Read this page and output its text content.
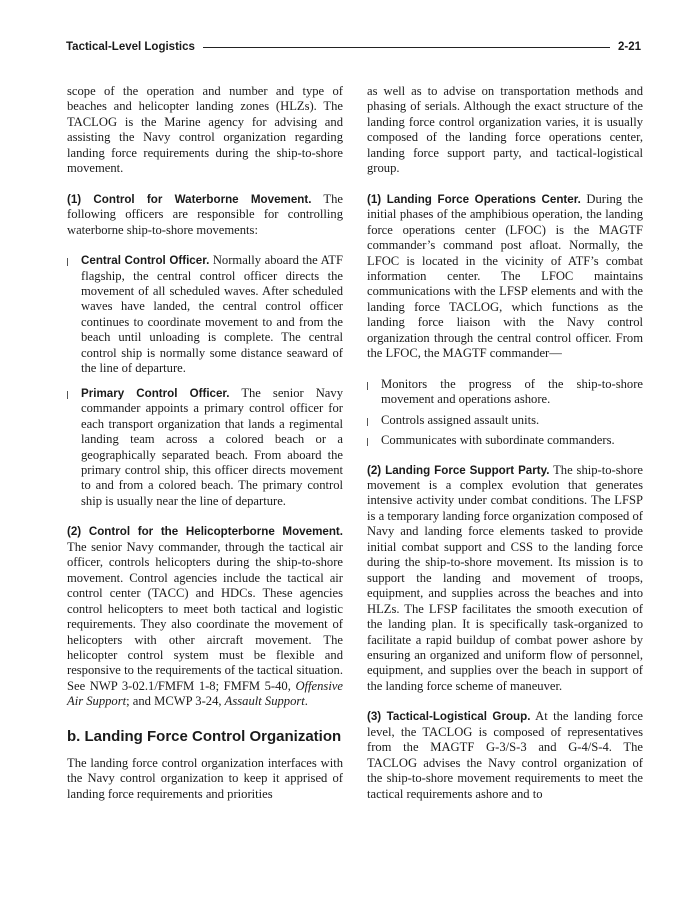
Tactical-Level Logistics	2-21

scope of the operation and number and type of beaches and helicopter landing zones (HLZs). The TACLOG is the Marine agency for advising and assisting the Navy control organization regarding landing force requirements during the ship-to-shore movement.

(1) Control for Waterborne Movement. The following officers are responsible for controlling waterborne ship-to-shore movements:

Central Control Officer. Normally aboard the ATF flagship, the central control officer directs the movement of all scheduled waves. After scheduled waves have landed, the central control officer continues to coordinate movement to and from the beach until unloading is complete. The central control ship is normally some distance seaward of the line of departure.

Primary Control Officer. The senior Navy commander appoints a primary control officer for each transport organization that lands a regimental landing team across a colored beach or a geographically separated beach. From aboard the primary control ship, this officer directs movement to and from a colored beach. The primary control ship is usually near the line of departure.

(2) Control for the Helicopterborne Movement. The senior Navy commander, through the tactical air officer, controls helicopters during the ship-to-shore movement. Control agencies include the tactical air control center (TACC) and HDCs. These agencies control helicopters to meet both tactical and logistic requirements. They also coordinate the movement of helicopters with other aircraft movement. The helicopter control system must be flexible and responsive to the requirements of the tactical situation. See NWP 3-02.1/FMFM 1-8; FMFM 5-40, Offensive Air Support; and MCWP 3-24, Assault Support.

b. Landing Force Control Organization

The landing force control organization interfaces with the Navy control organization to keep it apprised of landing force requirements and priorities

as well as to advise on transportation methods and phasing of serials. Although the exact structure of the landing force control organization varies, it is usually composed of the landing force operations center, landing force support party, and tactical-logistical group.

(1) Landing Force Operations Center. During the initial phases of the amphibious operation, the landing force operations center (LFOC) is the MAGTF commander’s command post afloat. Normally, the LFOC is located in the vicinity of ATF’s combat information center. The LFOC maintains communications with the LFSP elements and with the landing force TACLOG, which functions as the landing force liaison with the Navy control organization through the central control officer. From the LFOC, the MAGTF commander—

Monitors the progress of the ship-to-shore movement and operations ashore.

Controls assigned assault units.

Communicates with subordinate commanders.

(2) Landing Force Support Party. The ship-to-shore movement is a complex evolution that generates intensive activity under combat conditions. The LFSP is a temporary landing force organization composed of Navy and landing force elements tasked to provide initial combat support and CSS to the landing force during the ship-to-shore movement. Its mission is to support the landing and movement of troops, equipment, and supplies across the beaches and into HLZs. The LFSP facilitates the smooth execution of the landing plan. It is specifically task-organized to facilitate a rapid buildup of combat power ashore by ensuring an organized and uniform flow of personnel, equipment, and supplies over the beach in support of the landing force scheme of maneuver.

(3) Tactical-Logistical Group. At the landing force level, the TACLOG is composed of representatives from the MAGTF G-3/S-3 and G-4/S-4. The TACLOG advises the Navy control organization of the ship-to-shore movement requirements to meet the tactical requirements ashore and to
